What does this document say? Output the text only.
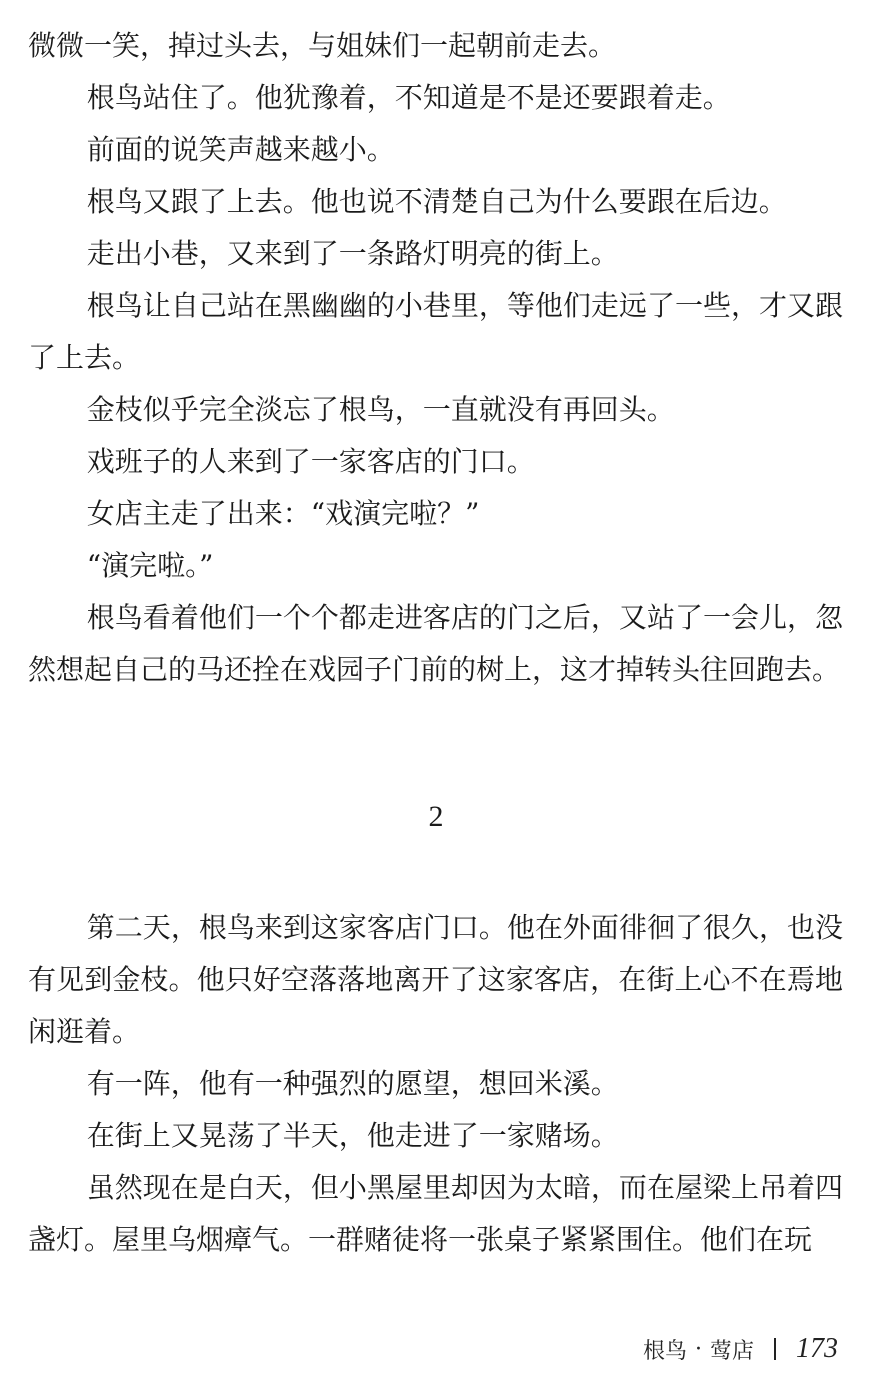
微微一笑，掉过头去，与姐妹们一起朝前走去。

根鸟站住了。他犹豫着，不知道是不是还要跟着走。

前面的说笑声越来越小。

根鸟又跟了上去。他也说不清楚自己为什么要跟在后边。

走出小巷，又来到了一条路灯明亮的街上。

根鸟让自己站在黑幽幽的小巷里，等他们走远了一些，才又跟了上去。

金枝似乎完全淡忘了根鸟，一直就没有再回头。

戏班子的人来到了一家客店的门口。

女店主走了出来：“戏演完啦？”

“演完啦。”

根鸟看着他们一个个都走进客店的门之后，又站了一会儿，忽然想起自己的马还拴在戏园子门前的树上，这才掉转头往回跑去。

2

第二天，根鸟来到这家客店门口。他在外面徘徊了很久，也没有见到金枝。他只好空落落地离开了这家客店，在街上心不在焉地闲逛着。

有一阵，他有一种强烈的愿望，想回米溪。

在街上又晃荡了半天，他走进了一家赌场。

虽然现在是白天，但小黑屋里却因为太暗，而在屋梁上吊着四盏灯。屋里乌烟瘴气。一群赌徒将一张桌子紧紧围住。他们在玩

根鸟 · 莺店 173
